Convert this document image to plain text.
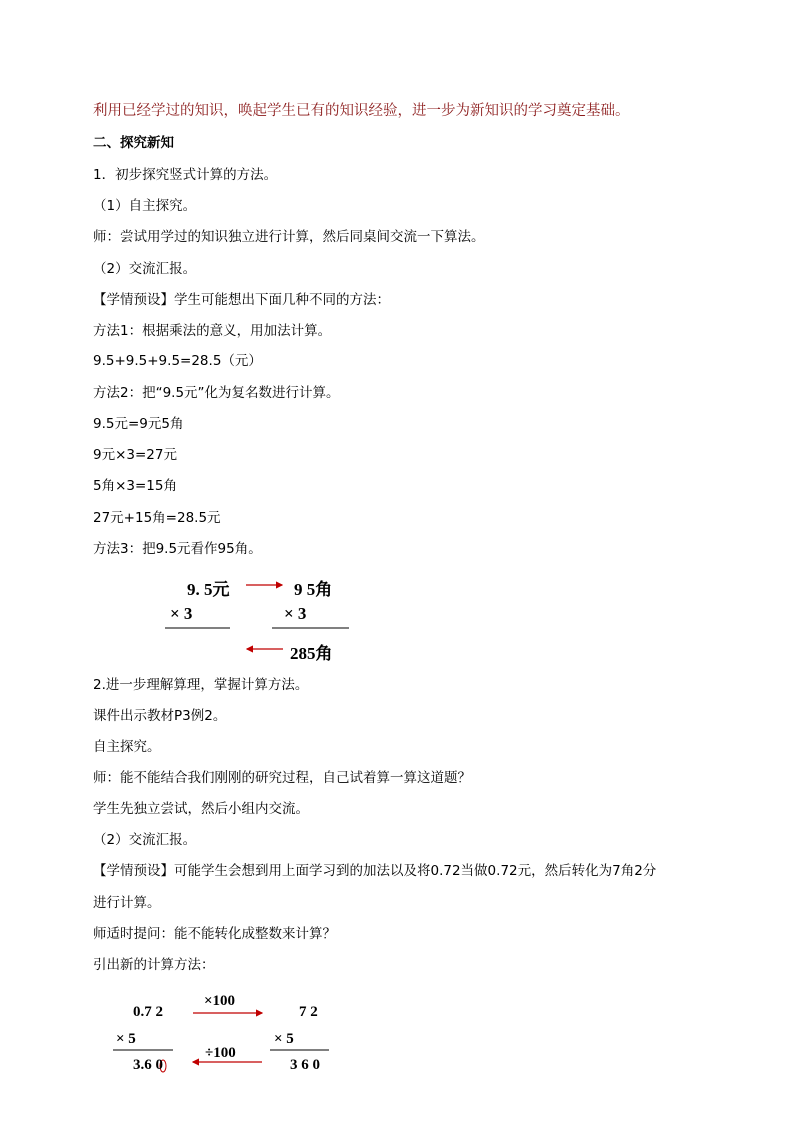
利用已经学过的知识，唤起学生已有的知识经验，进一步为新知识的学习奠定基础。
二、探究新知
1．初步探究竖式计算的方法。
（1）自主探究。
师：尝试用学过的知识独立进行计算，然后同桌间交流一下算法。
（2）交流汇报。
【学情预设】学生可能想出下面几种不同的方法：
方法1：根据乘法的意义，用加法计算。
9.5+9.5+9.5=28.5（元）
方法2：把“9.5元”化为复名数进行计算。
9.5元=9元5角
9元×3=27元
5角×3=15角
27元+15角=28.5元
方法3：把9.5元看作95角。
9. 5元	9 5角
× 3	× 3
285角
2.进一步理解算理，掌握计算方法。
课件出示教材P3例2。
自主探究。
师：能不能结合我们刚刚的研究过程，自己试着算一算这道题？
学生先独立尝试，然后小组内交流。
（2）交流汇报。
【学情预设】可能学生会想到用上面学习到的加法以及将0.72当做0.72元，然后转化为7角2分
进行计算。
师适时提问：能不能转化成整数来计算？
引出新的计算方法：
×100
0.7 2	7 2
× 5	× 5
÷100
3.6 0	3 6 0
